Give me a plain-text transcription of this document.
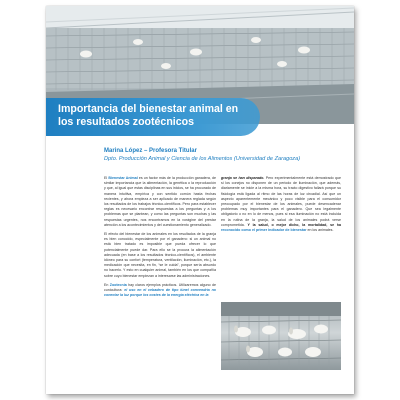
Importancia del bienestar animal en los resultados zootécnicos
Marina López – Profesora Titular
Dpto. Producción Animal y Ciencia de los Alimentos (Universidad de Zaragoza)

El Bienestar Animal es un factor más de la producción ganadera, de similar importancia que la alimentación, la genética o la reproducción y que, al igual que estas disciplinas en sus inicios, se ha procurado de manera intuitiva, empírica y con sentido común hasta fechas recientes, y ahora empieza a ser aplicado de manera reglada según los resultados de los trabajos técnico-científicos. Pero para establecer reglas es necesario encontrar respuestas a los preguntas y a los problemas que se plantean, y como las preguntas son muchas y las respuestas urgentes, nos encontramos en la vorágine del prestar atención a los acontecimientos y del cuestionamiento generalizado.

El efecto del bienestar de los animales en los resultados de la granja es bien conocido, especialmente por el ganadero: si un animal no está bien tratado es imposible que pueda ofrecer lo que potencialmente puede dar. Para ello se la procura la alimentación adecuada (en base a los resultados técnico-científicos), el ambiente idóneo para su confort (temperatura, ventilación, iluminación, etc.), la medicación que necesita, en fin, “se le cuida”, porque sería absurdo no hacerlo. Y esto en cualquier animal, también en los que compañía sobre cuyo bienestar empiezan a interesarse las administraciones.

En Zootecnia hay claros ejemplos prácticos. Utilizaremos alguno de cunicultura: el uso en el cebadero de tipo túnel convendría no conectar la luz porque los costes de la energía eléctrica en la

granja se han disparado. Pero experimentalmente está demostrado que si los conejos no disponen de un periodo de iluminación, que además, diariamente se inicie a la misma hora, su tracto digestivo fallará porque su fisiología está ligada al ritmo de las horas de luz circadial. Así que un aspecto aparentemente mecánico y poco visible para el consumidor preocupado por el bienestar de los animales, puede desencadenar problemas muy importantes para el ganadero. Que sea legalmente obligatorio o no en lo de menos, pues si esa iluminación no está incluida en la rutina de la granja, la salud de los animales podrá verse comprometida. Y la salud, o mejor dicho, la mortalidad, se ha reconocido como el primer indicador de bienestar en los animales.
